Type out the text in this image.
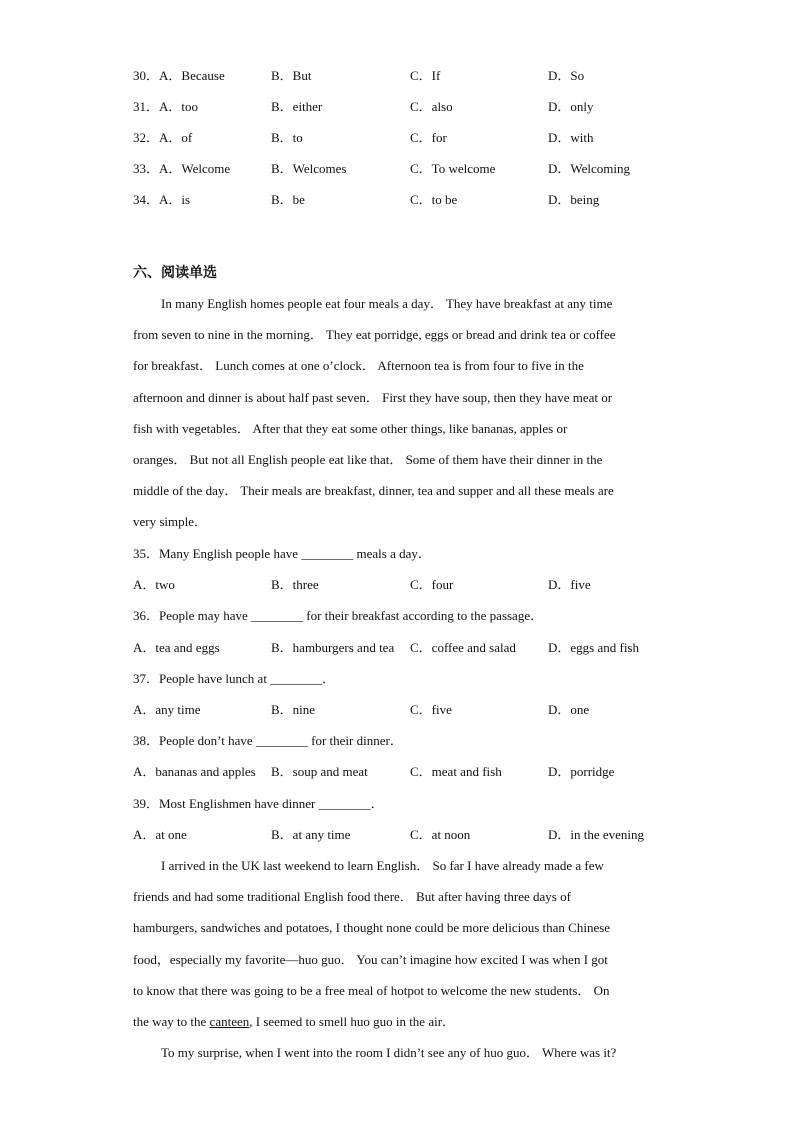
30．A．Because	B．But	C．If	D．So
31．A．too	B．either	C．also	D．only
32．A．of	B．to	C．for	D．with
33．A．Welcome	B．Welcomes	C．To welcome	D．Welcoming
34．A．is	B．be	C．to be	D．being
六、阅读单选
In many English homes people eat four meals a day． They have breakfast at any time
from seven to nine in the morning． They eat porridge, eggs or bread and drink tea or coffee
for breakfast． Lunch comes at one o’clock． Afternoon tea is from four to five in the
afternoon and dinner is about half past seven． First they have soup, then they have meat or
fish with vegetables． After that they eat some other things, like bananas, apples or
oranges． But not all English people eat like that． Some of them have their dinner in the
middle of the day． Their meals are breakfast, dinner, tea and supper and all these meals are
very simple．
35．Many English people have ________ meals a day．
A．two	B．three	C．four	D．five
36．People may have ________ for their breakfast according to the passage．
A．tea and eggs	B．hamburgers and tea C．coffee and salad D．eggs and fish
37．People have lunch at ________．
A．any time	B．nine	C．five	D．one
38．People don’t have ________ for their dinner．
A．bananas and apples B．soup and meat	C．meat and fish	D．porridge
39．Most Englishmen have dinner ________．
A．at one	B．at any time	C．at noon	D．in the evening
I arrived in the UK last weekend to learn English． So far I have already made a few
friends and had some traditional English food there． But after having three days of
hamburgers, sandwiches and potatoes, I thought none could be more delicious than Chinese
food，especially my favorite—huo guo． You can’t imagine how excited I was when I got
to know that there was going to be a free meal of hotpot to welcome the new students． On
the way to the canteen, I seemed to smell huo guo in the air．
To my surprise, when I went into the room I didn’t see any of huo guo． Where was it?
